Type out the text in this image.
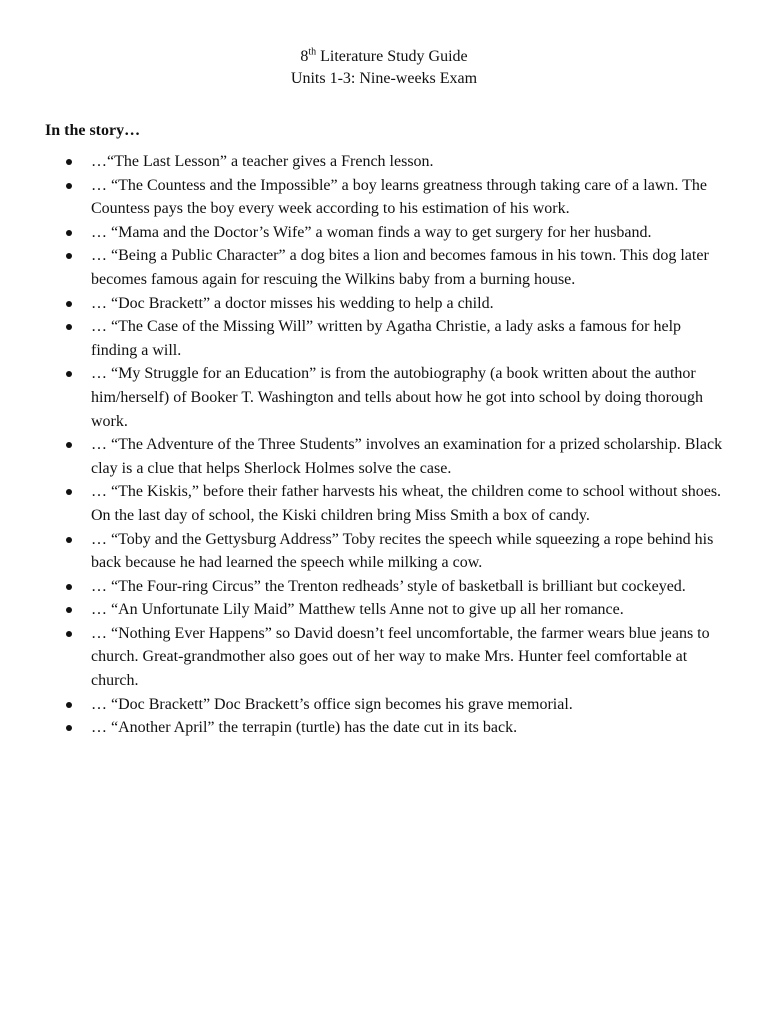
8th Literature Study Guide
Units 1-3: Nine-weeks Exam
In the story…
…“The Last Lesson” a teacher gives a French lesson.
… “The Countess and the Impossible” a boy learns greatness through taking care of a lawn. The Countess pays the boy every week according to his estimation of his work.
… “Mama and the Doctor’s Wife” a woman finds a way to get surgery for her husband.
… “Being a Public Character” a dog bites a lion and becomes famous in his town. This dog later becomes famous again for rescuing the Wilkins baby from a burning house.
… “Doc Brackett” a doctor misses his wedding to help a child.
… “The Case of the Missing Will” written by Agatha Christie, a lady asks a famous for help finding a will.
… “My Struggle for an Education” is from the autobiography (a book written about the author him/herself) of Booker T. Washington and tells about how he got into school by doing thorough work.
… “The Adventure of the Three Students” involves an examination for a prized scholarship. Black clay is a clue that helps Sherlock Holmes solve the case.
… “The Kiskis,” before their father harvests his wheat, the children come to school without shoes. On the last day of school, the Kiski children bring Miss Smith a box of candy.
… “Toby and the Gettysburg Address” Toby recites the speech while squeezing a rope behind his back because he had learned the speech while milking a cow.
… “The Four-ring Circus” the Trenton redheads’ style of basketball is brilliant but cockeyed.
… “An Unfortunate Lily Maid” Matthew tells Anne not to give up all her romance.
… “Nothing Ever Happens” so David doesn’t feel uncomfortable, the farmer wears blue jeans to church. Great-grandmother also goes out of her way to make Mrs. Hunter feel comfortable at church.
… “Doc Brackett” Doc Brackett’s office sign becomes his grave memorial.
… “Another April” the terrapin (turtle) has the date cut in its back.
